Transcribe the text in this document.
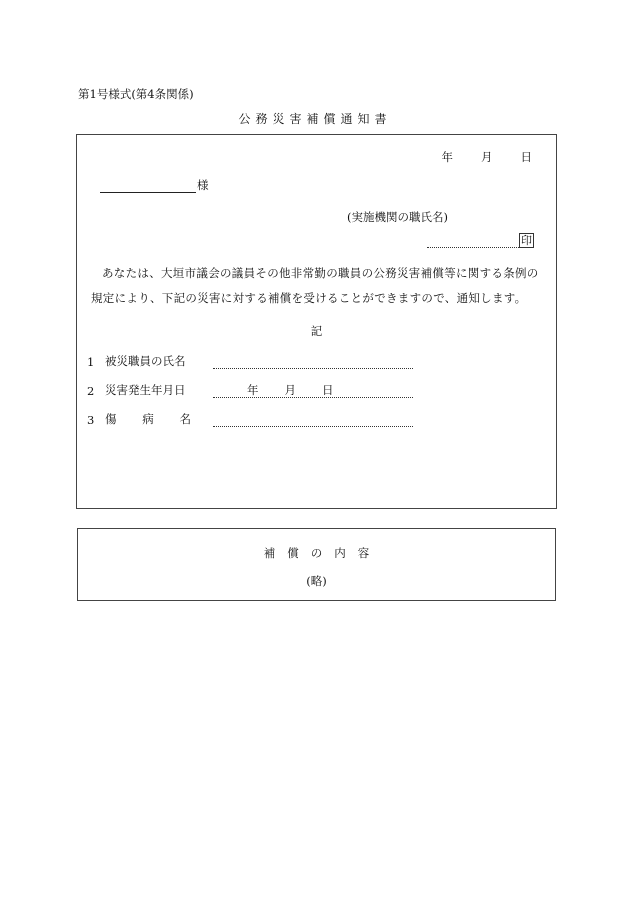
第1号様式(第4条関係)
公務災害補償通知書
年 月 日
様
(実施機関の職氏名)
印

あなたは、大垣市議会の議員その他非常勤の職員の公務災害補償等に関する条例の

規定により、下記の災害に対する補償を受けることができますので、通知します。
記
1 被災職員の氏名
2 災害発生年月日	年 月 日
3 傷 病 名
補償の内容
(略)
